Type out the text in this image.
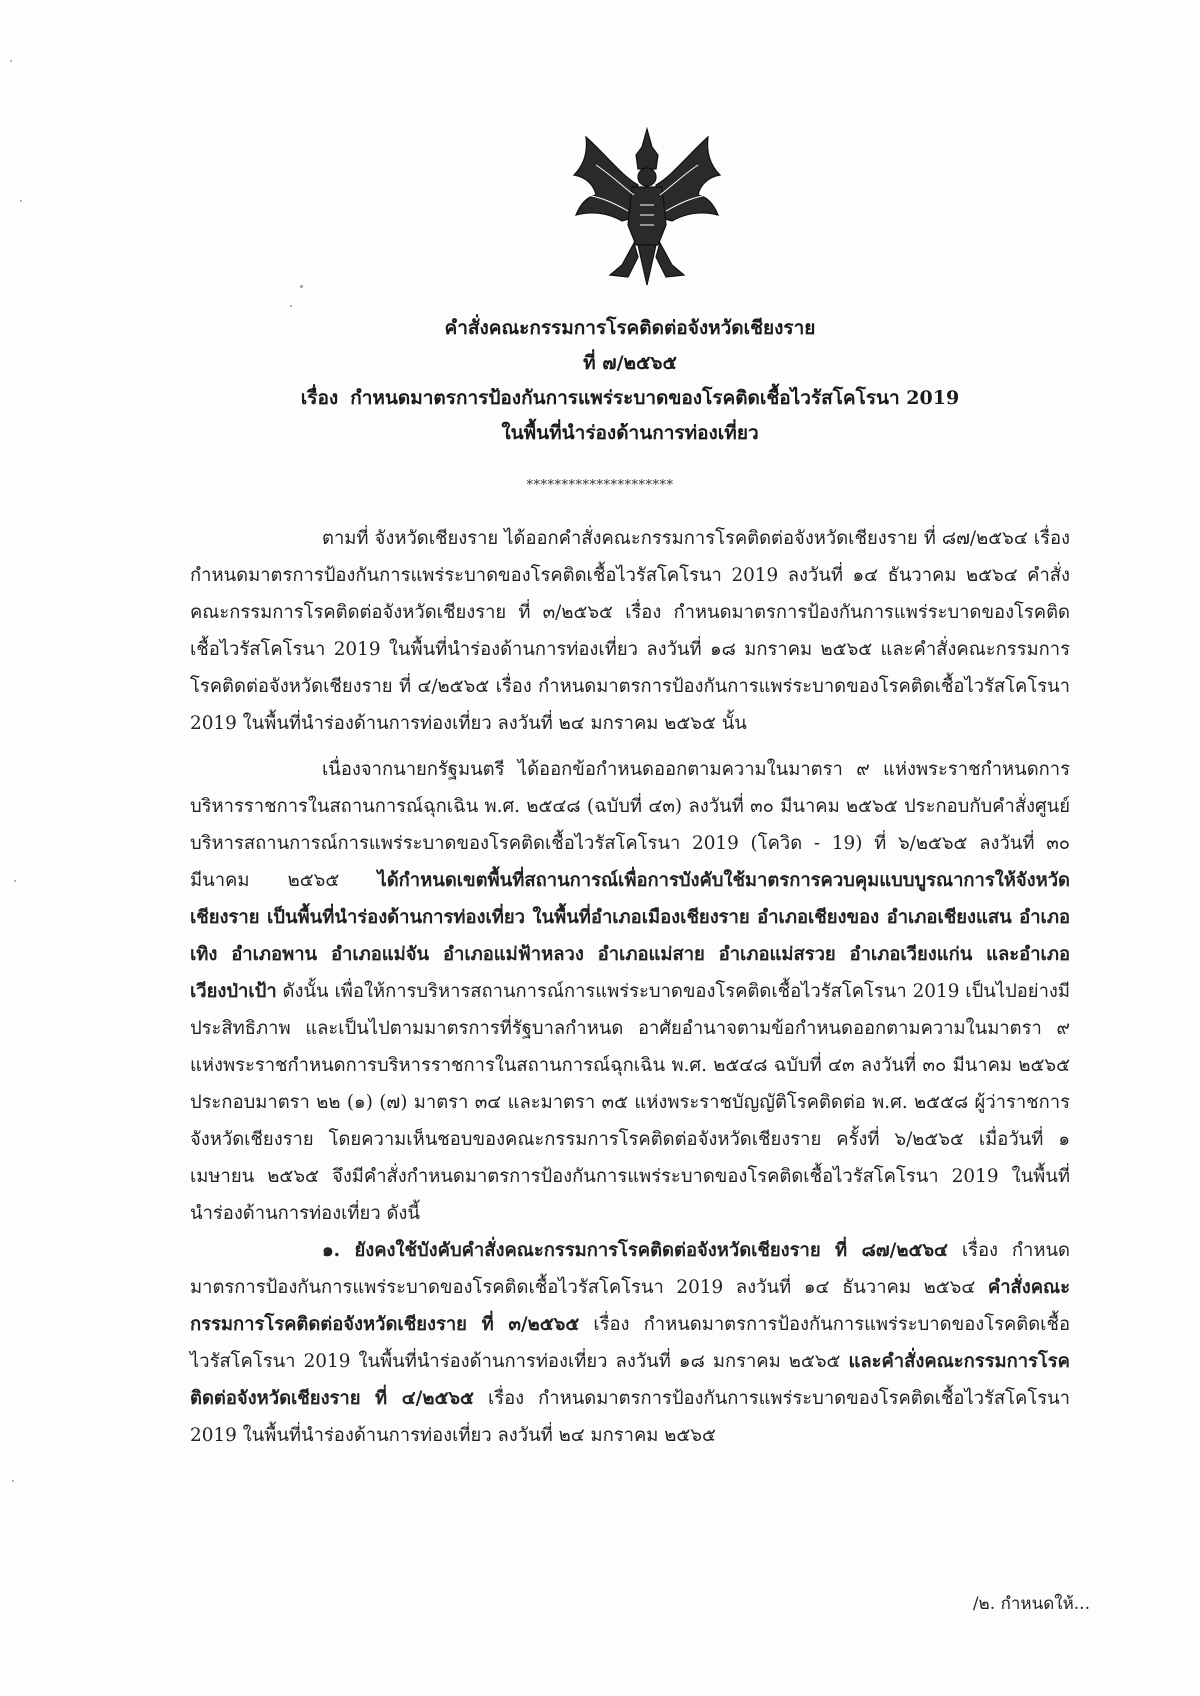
คำสั่งคณะกรรมการโรคติดต่อจังหวัดเชียงราย
ที่ ๗/๒๕๖๕
เรื่อง กำหนดมาตรการป้องกันการแพร่ระบาดของโรคติดเชื้อไวรัสโคโรนา 2019
ในพื้นที่นำร่องด้านการท่องเที่ยว
*********************

ตามที่ จังหวัดเชียงราย ได้ออกคำสั่งคณะกรรมการโรคติดต่อจังหวัดเชียงราย ที่ ๘๗/๒๕๖๔ เรื่อง กำหนดมาตรการป้องกันการแพร่ระบาดของโรคติดเชื้อไวรัสโคโรนา 2019 ลงวันที่ ๑๔ ธันวาคม ๒๕๖๔ คำสั่งคณะกรรมการโรคติดต่อจังหวัดเชียงราย ที่ ๓/๒๕๖๕ เรื่อง กำหนดมาตรการป้องกันการแพร่ระบาดของโรคติดเชื้อไวรัสโคโรนา 2019 ในพื้นที่นำร่องด้านการท่องเที่ยว ลงวันที่ ๑๘ มกราคม ๒๕๖๕ และคำสั่งคณะกรรมการโรคติดต่อจังหวัดเชียงราย ที่ ๔/๒๕๖๕ เรื่อง กำหนดมาตรการป้องกันการแพร่ระบาดของโรคติดเชื้อไวรัสโคโรนา 2019 ในพื้นที่นำร่องด้านการท่องเที่ยว ลงวันที่ ๒๔ มกราคม ๒๕๖๕ นั้น

เนื่องจากนายกรัฐมนตรี ได้ออกข้อกำหนดออกตามความในมาตรา ๙ แห่งพระราชกำหนดการบริหารราชการในสถานการณ์ฉุกเฉิน พ.ศ. ๒๕๔๘ (ฉบับที่ ๔๓) ลงวันที่ ๓๐ มีนาคม ๒๕๖๕ ประกอบกับคำสั่งศูนย์บริหารสถานการณ์การแพร่ระบาดของโรคติดเชื้อไวรัสโคโรนา 2019 (โควิด - 19) ที่ ๖/๒๕๖๕ ลงวันที่ ๓๐ มีนาคม ๒๕๖๕ ได้กำหนดเขตพื้นที่สถานการณ์เพื่อการบังคับใช้มาตรการควบคุมแบบบูรณาการให้จังหวัดเชียงราย เป็นพื้นที่นำร่องด้านการท่องเที่ยว ในพื้นที่อำเภอเมืองเชียงราย อำเภอเชียงของ อำเภอเชียงแสน อำเภอเทิง อำเภอพาน อำเภอแม่จัน อำเภอแม่ฟ้าหลวง อำเภอแม่สาย อำเภอแม่สรวย อำเภอเวียงแก่น และอำเภอเวียงป่าเป้า ดังนั้น เพื่อให้การบริหารสถานการณ์การแพร่ระบาดของโรคติดเชื้อไวรัสโคโรนา 2019 เป็นไปอย่างมีประสิทธิภาพ และเป็นไปตามมาตรการที่รัฐบาลกำหนด อาศัยอำนาจตามข้อกำหนดออกตามความในมาตรา ๙ แห่งพระราชกำหนดการบริหารราชการในสถานการณ์ฉุกเฉิน พ.ศ. ๒๕๔๘ ฉบับที่ ๔๓ ลงวันที่ ๓๐ มีนาคม ๒๕๖๕ ประกอบมาตรา ๒๒ (๑) (๗) มาตรา ๓๔ และมาตรา ๓๕ แห่งพระราชบัญญัติโรคติดต่อ พ.ศ. ๒๕๕๘ ผู้ว่าราชการจังหวัดเชียงราย โดยความเห็นชอบของคณะกรรมการโรคติดต่อจังหวัดเชียงราย ครั้งที่ ๖/๒๕๖๕ เมื่อวันที่ ๑ เมษายน ๒๕๖๕ จึงมีคำสั่งกำหนดมาตรการป้องกันการแพร่ระบาดของโรคติดเชื้อไวรัสโคโรนา 2019 ในพื้นที่นำร่องด้านการท่องเที่ยว ดังนี้

๑. ยังคงใช้บังคับคำสั่งคณะกรรมการโรคติดต่อจังหวัดเชียงราย ที่ ๘๗/๒๕๖๔ เรื่อง กำหนดมาตรการป้องกันการแพร่ระบาดของโรคติดเชื้อไวรัสโคโรนา 2019 ลงวันที่ ๑๔ ธันวาคม ๒๕๖๔ คำสั่งคณะกรรมการโรคติดต่อจังหวัดเชียงราย ที่ ๓/๒๕๖๕ เรื่อง กำหนดมาตรการป้องกันการแพร่ระบาดของโรคติดเชื้อไวรัสโคโรนา 2019 ในพื้นที่นำร่องด้านการท่องเที่ยว ลงวันที่ ๑๘ มกราคม ๒๕๖๕ และคำสั่งคณะกรรมการโรคติดต่อจังหวัดเชียงราย ที่ ๔/๒๕๖๕ เรื่อง กำหนดมาตรการป้องกันการแพร่ระบาดของโรคติดเชื้อไวรัสโคโรนา 2019 ในพื้นที่นำร่องด้านการท่องเที่ยว ลงวันที่ ๒๔ มกราคม ๒๕๖๕

/๒. กำหนดให้...
